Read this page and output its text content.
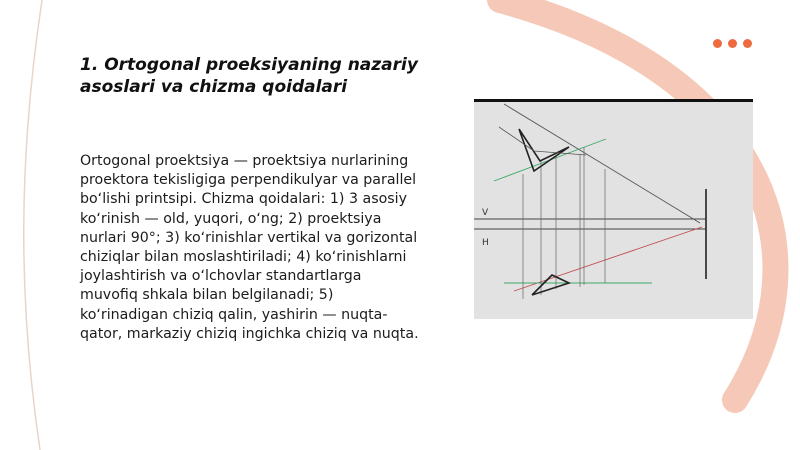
1. Ortogonal proeksiyaning nazariy asoslari va chizma qoidalari

Ortogonal proektsiya — proektsiya nurlarining proektora tekisligiga perpendikulyar va parallel boʻlishi printsipi. Chizma qoidalari: 1) 3 asosiy koʻrinish — old, yuqori, oʻng; 2) proektsiya nurlari 90°; 3) koʻrinishlar vertikal va gorizontal chiziqlar bilan moslashtiriladi; 4) koʻrinishlarni joylashtirish va oʻlchovlar standartlarga muvofiq shkala bilan belgilanadi; 5) koʻrinadigan chiziq qalin, yashirin — nuqta-qator, markaziy chiziq ingichka chiziq va nuqta.

V
H
